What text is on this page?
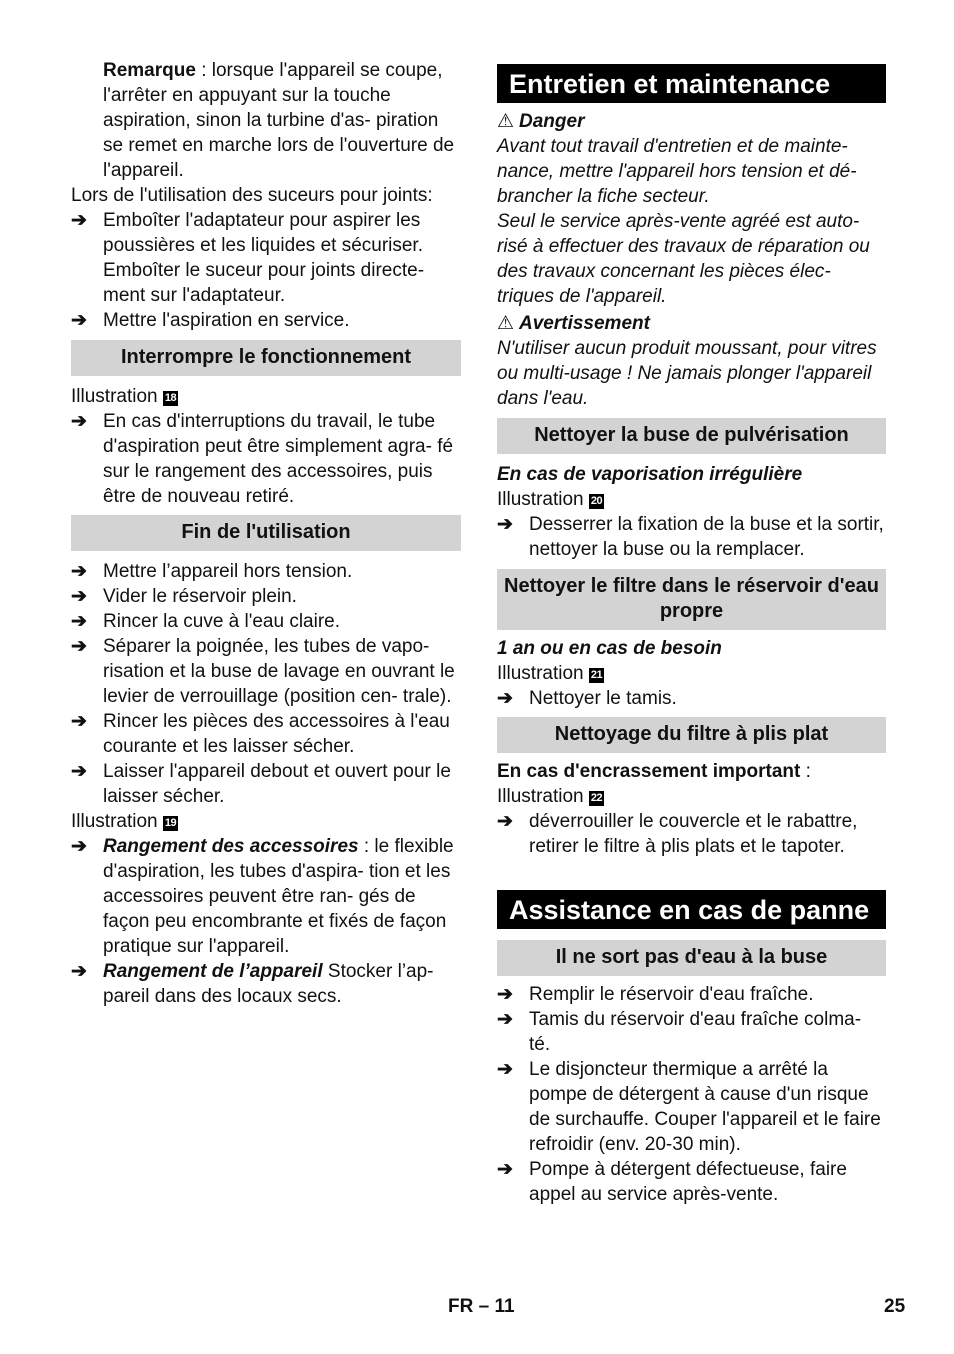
Remarque : lorsque l'appareil se coupe, l'arrêter en appuyant sur la touche aspiration, sinon la turbine d'as- piration se remet en marche lors de l'ouverture de l'appareil.

Lors de l'utilisation des suceurs pour joints:

➔ Emboîter l'adaptateur pour aspirer les poussières et les liquides et sécuriser. Emboîter le suceur pour joints directe- ment sur l'adaptateur.

➔ Mettre l'aspiration en service.

Interrompre le fonctionnement

Illustration 18

➔ En cas d'interruptions du travail, le tube d'aspiration peut être simplement agra- fé sur le rangement des accessoires, puis être de nouveau retiré.

Fin de l'utilisation

➔ Mettre l’appareil hors tension.

➔ Vider le réservoir plein.

➔ Rincer la cuve à l'eau claire.

➔ Séparer la poignée, les tubes de vapo- risation et la buse de lavage en ouvrant le levier de verrouillage (position cen- trale).

➔ Rincer les pièces des accessoires à l'eau courante et les laisser sécher.

➔ Laisser l'appareil debout et ouvert pour le laisser sécher.

Illustration 19

➔ Rangement des accessoires : le flexible d'aspiration, les tubes d'aspira- tion et les accessoires peuvent être ran- gés de façon peu encombrante et fixés de façon pratique sur l'appareil.

➔ Rangement de l’appareil Stocker l’ap- pareil dans des locaux secs.

Entretien et maintenance

⚠ Danger

Avant tout travail d'entretien et de mainte- nance, mettre l'appareil hors tension et dé- brancher la fiche secteur.

Seul le service après-vente agréé est auto- risé à effectuer des travaux de réparation ou des travaux concernant les pièces élec- triques de l'appareil.

⚠ Avertissement

N'utiliser aucun produit moussant, pour vitres ou multi-usage ! Ne jamais plonger l'appareil dans l'eau.

Nettoyer la buse de pulvérisation

En cas de vaporisation irrégulière

Illustration 20

➔ Desserrer la fixation de la buse et la sortir, nettoyer la buse ou la remplacer.

Nettoyer le filtre dans le réservoir d'eau propre

1 an ou en cas de besoin

Illustration 21

➔ Nettoyer le tamis.

Nettoyage du filtre à plis plat

En cas d'encrassement important :

Illustration 22

➔ déverrouiller le couvercle et le rabattre, retirer le filtre à plis plats et le tapoter.

Assistance en cas de panne
Il ne sort pas d'eau à la buse

➔ Remplir le réservoir d'eau fraîche.

➔ Tamis du réservoir d'eau fraîche colma- té.

➔ Le disjoncteur thermique a arrêté la pompe de détergent à cause d'un risque de surchauffe. Couper l'appareil et le faire refroidir (env. 20-30 min).

➔ Pompe à détergent défectueuse, faire appel au service après-vente.

FR – 11	25
